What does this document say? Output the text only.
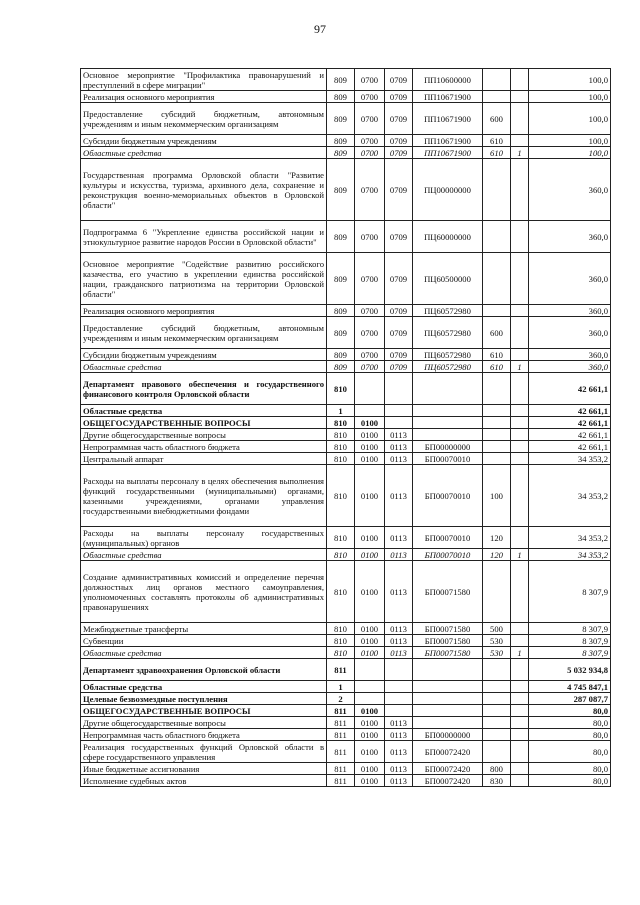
97
Основное мероприятие "Профилактика правонарушений и преступлений в сфере миграции"	809	0700	0709	ПП10600000			100,0
Реализация основного мероприятия	809	0700	0709	ПП10671900			100,0
Предоставление субсидий бюджетным, автономным учреждениям и иным некоммерческим организациям	809	0700	0709	ПП10671900	600		100,0
Субсидии бюджетным учреждениям	809	0700	0709	ПП10671900	610		100,0
Областные средства	809	0700	0709	ПП10671900	610	1	100,0
Государственная программа Орловской области "Развитие культуры и искусства, туризма, архивного дела, сохранение и реконструкция военно-мемориальных объектов в Орловской области"	809	0700	0709	ПЦ00000000			360,0
Подпрограмма 6 "Укрепление единства российской нации и этнокультурное развитие народов России в Орловской области"	809	0700	0709	ПЦ60000000			360,0
Основное мероприятие "Содействие развитию российского казачества, его участию в укреплении единства российской нации, гражданского патриотизма на территории Орловской области"	809	0700	0709	ПЦ60500000			360,0
Реализация основного мероприятия	809	0700	0709	ПЦ60572980			360,0
Предоставление субсидий бюджетным, автономным учреждениям и иным некоммерческим организациям	809	0700	0709	ПЦ60572980	600		360,0
Субсидии бюджетным учреждениям	809	0700	0709	ПЦ60572980	610		360,0
Областные средства	809	0700	0709	ПЦ60572980	610	1	360,0
Департамент правового обеспечения и государственного финансового контроля Орловской области	810						42 661,1
Областные средства	1						42 661,1
ОБЩЕГОСУДАРСТВЕННЫЕ ВОПРОСЫ	810	0100					42 661,1
Другие общегосударственные вопросы	810	0100	0113				42 661,1
Непрограммная часть областного бюджета	810	0100	0113	БП00000000			42 661,1
Центральный аппарат	810	0100	0113	БП00070010			34 353,2
Расходы на выплаты персоналу в целях обеспечения выполнения функций государственными (муниципальными) органами, казенными учреждениями, органами управления государственными внебюджетными фондами	810	0100	0113	БП00070010	100		34 353,2
Расходы на выплаты персоналу государственных (муниципальных) органов	810	0100	0113	БП00070010	120		34 353,2
Областные средства	810	0100	0113	БП00070010	120	1	34 353,2
Создание административных комиссий и определение перечня должностных лиц органов местного самоуправления, уполномоченных составлять протоколы об административных правонарушениях	810	0100	0113	БП00071580			8 307,9
Межбюджетные трансферты	810	0100	0113	БП00071580	500		8 307,9
Субвенции	810	0100	0113	БП00071580	530		8 307,9
Областные средства	810	0100	0113	БП00071580	530	1	8 307,9
Департамент здравоохранения Орловской области	811						5 032 934,8
Областные средства	1						4 745 847,1
Целевые безвозмездные поступления	2						287 087,7
ОБЩЕГОСУДАРСТВЕННЫЕ ВОПРОСЫ	811	0100					80,0
Другие общегосударственные вопросы	811	0100	0113				80,0
Непрограммная часть областного бюджета	811	0100	0113	БП00000000			80,0
Реализация государственных функций Орловской области в сфере государственного управления	811	0100	0113	БП00072420			80,0
Иные бюджетные ассигнования	811	0100	0113	БП00072420	800		80,0
Исполнение судебных актов	811	0100	0113	БП00072420	830		80,0
